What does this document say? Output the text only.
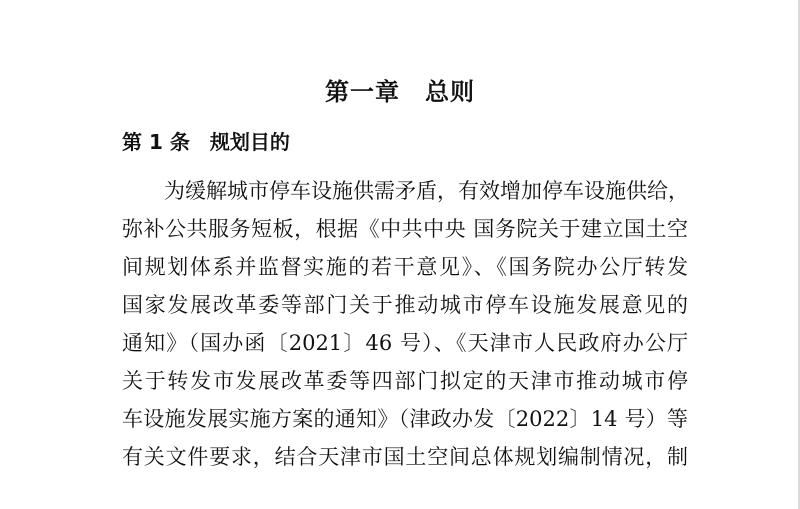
第一章　总则
第 1 条　规划目的
为缓解城市停车设施供需矛盾，有效增加停车设施供给，
弥补公共服务短板，根据《中共中央 国务院关于建立国土空
间规划体系并监督实施的若干意见》、《国务院办公厅转发
国家发展改革委等部门关于推动城市停车设施发展意见的
通知》（国办函〔2021〕46 号）、《天津市人民政府办公厅
关于转发市发展改革委等四部门拟定的天津市推动城市停
车设施发展实施方案的通知》（津政办发〔2022〕14 号）等
有关文件要求，结合天津市国土空间总体规划编制情况，制
